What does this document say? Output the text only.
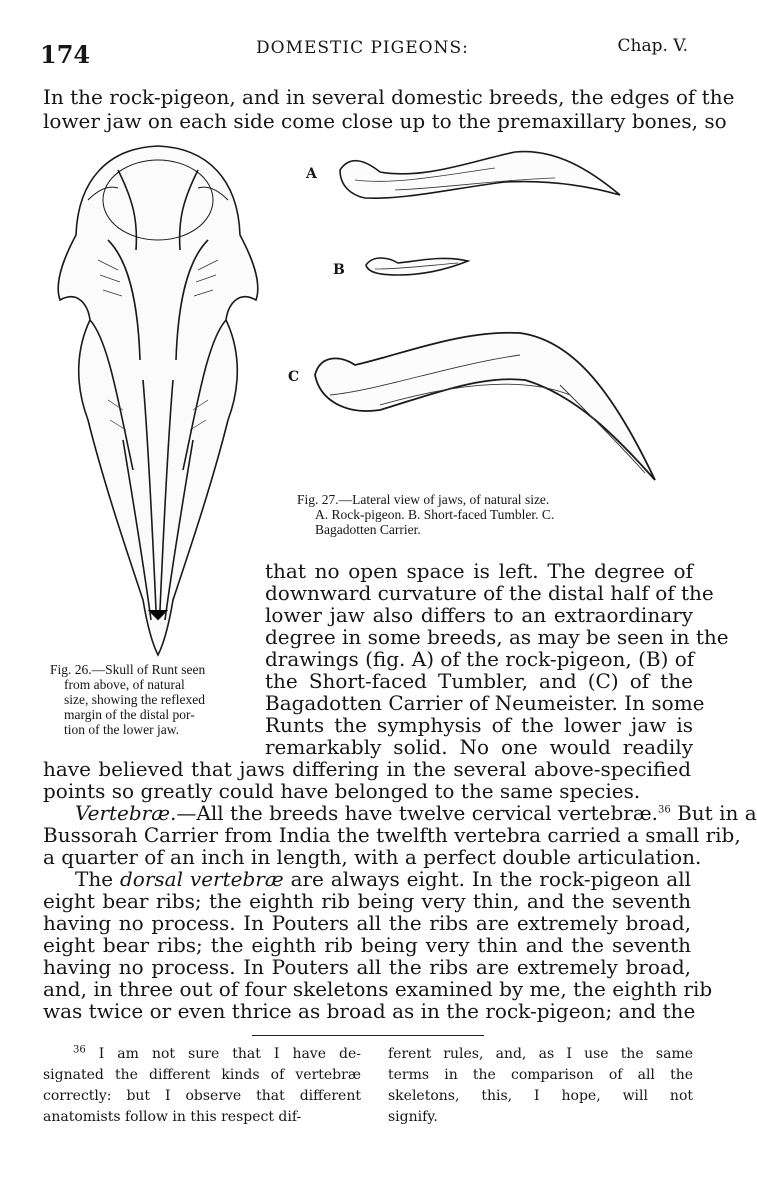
174	DOMESTIC PIGEONS:	Chap. V.
In the rock-pigeon, and in several domestic breeds, the edges of the
lower jaw on each side come close up to the premaxillary bones, so
A
B
C
Fig. 27.—Lateral view of jaws, of natural size.
A. Rock-pigeon. B. Short-faced Tumbler. C.
Bagadotten Carrier.
that no open space is left. The degree of
downward curvature of the distal half of the
lower jaw also differs to an extraordinary
degree in some breeds, as may be seen in the
drawings (fig. A) of the rock-pigeon, (B) of
the Short-faced Tumbler, and (C) of the
Bagadotten Carrier of Neumeister. In some
Runts the symphysis of the lower jaw is
remarkably solid. No one would readily
Fig. 26.—Skull of Runt seen
from above, of natural
size, showing the reflexed
margin of the distal por-
tion of the lower jaw.
have believed that jaws differing in the several above-specified
points so greatly could have belonged to the same species.
Vertebræ.—All the breeds have twelve cervical vertebræ.$^{36}$ But in a
Bussorah Carrier from India the twelfth vertebra carried a small rib,
a quarter of an inch in length, with a perfect double articulation.
The dorsal vertebræ are always eight. In the rock-pigeon all
eight bear ribs; the eighth rib being very thin, and the seventh
having no process. In Pouters all the ribs are extremely broad,
eight bear ribs; the eighth rib being very thin and the seventh
having no process. In Pouters all the ribs are extremely broad,
and, in three out of four skeletons examined by me, the eighth rib
was twice or even thrice as broad as in the rock-pigeon; and the
$^{36}$ I am not sure that I have de-
signated the different kinds of vertebræ
correctly: but I observe that different
anatomists follow in this respect dif-
ferent rules, and, as I use the same
terms in the comparison of all the
skeletons, this, I hope, will not
signify.
